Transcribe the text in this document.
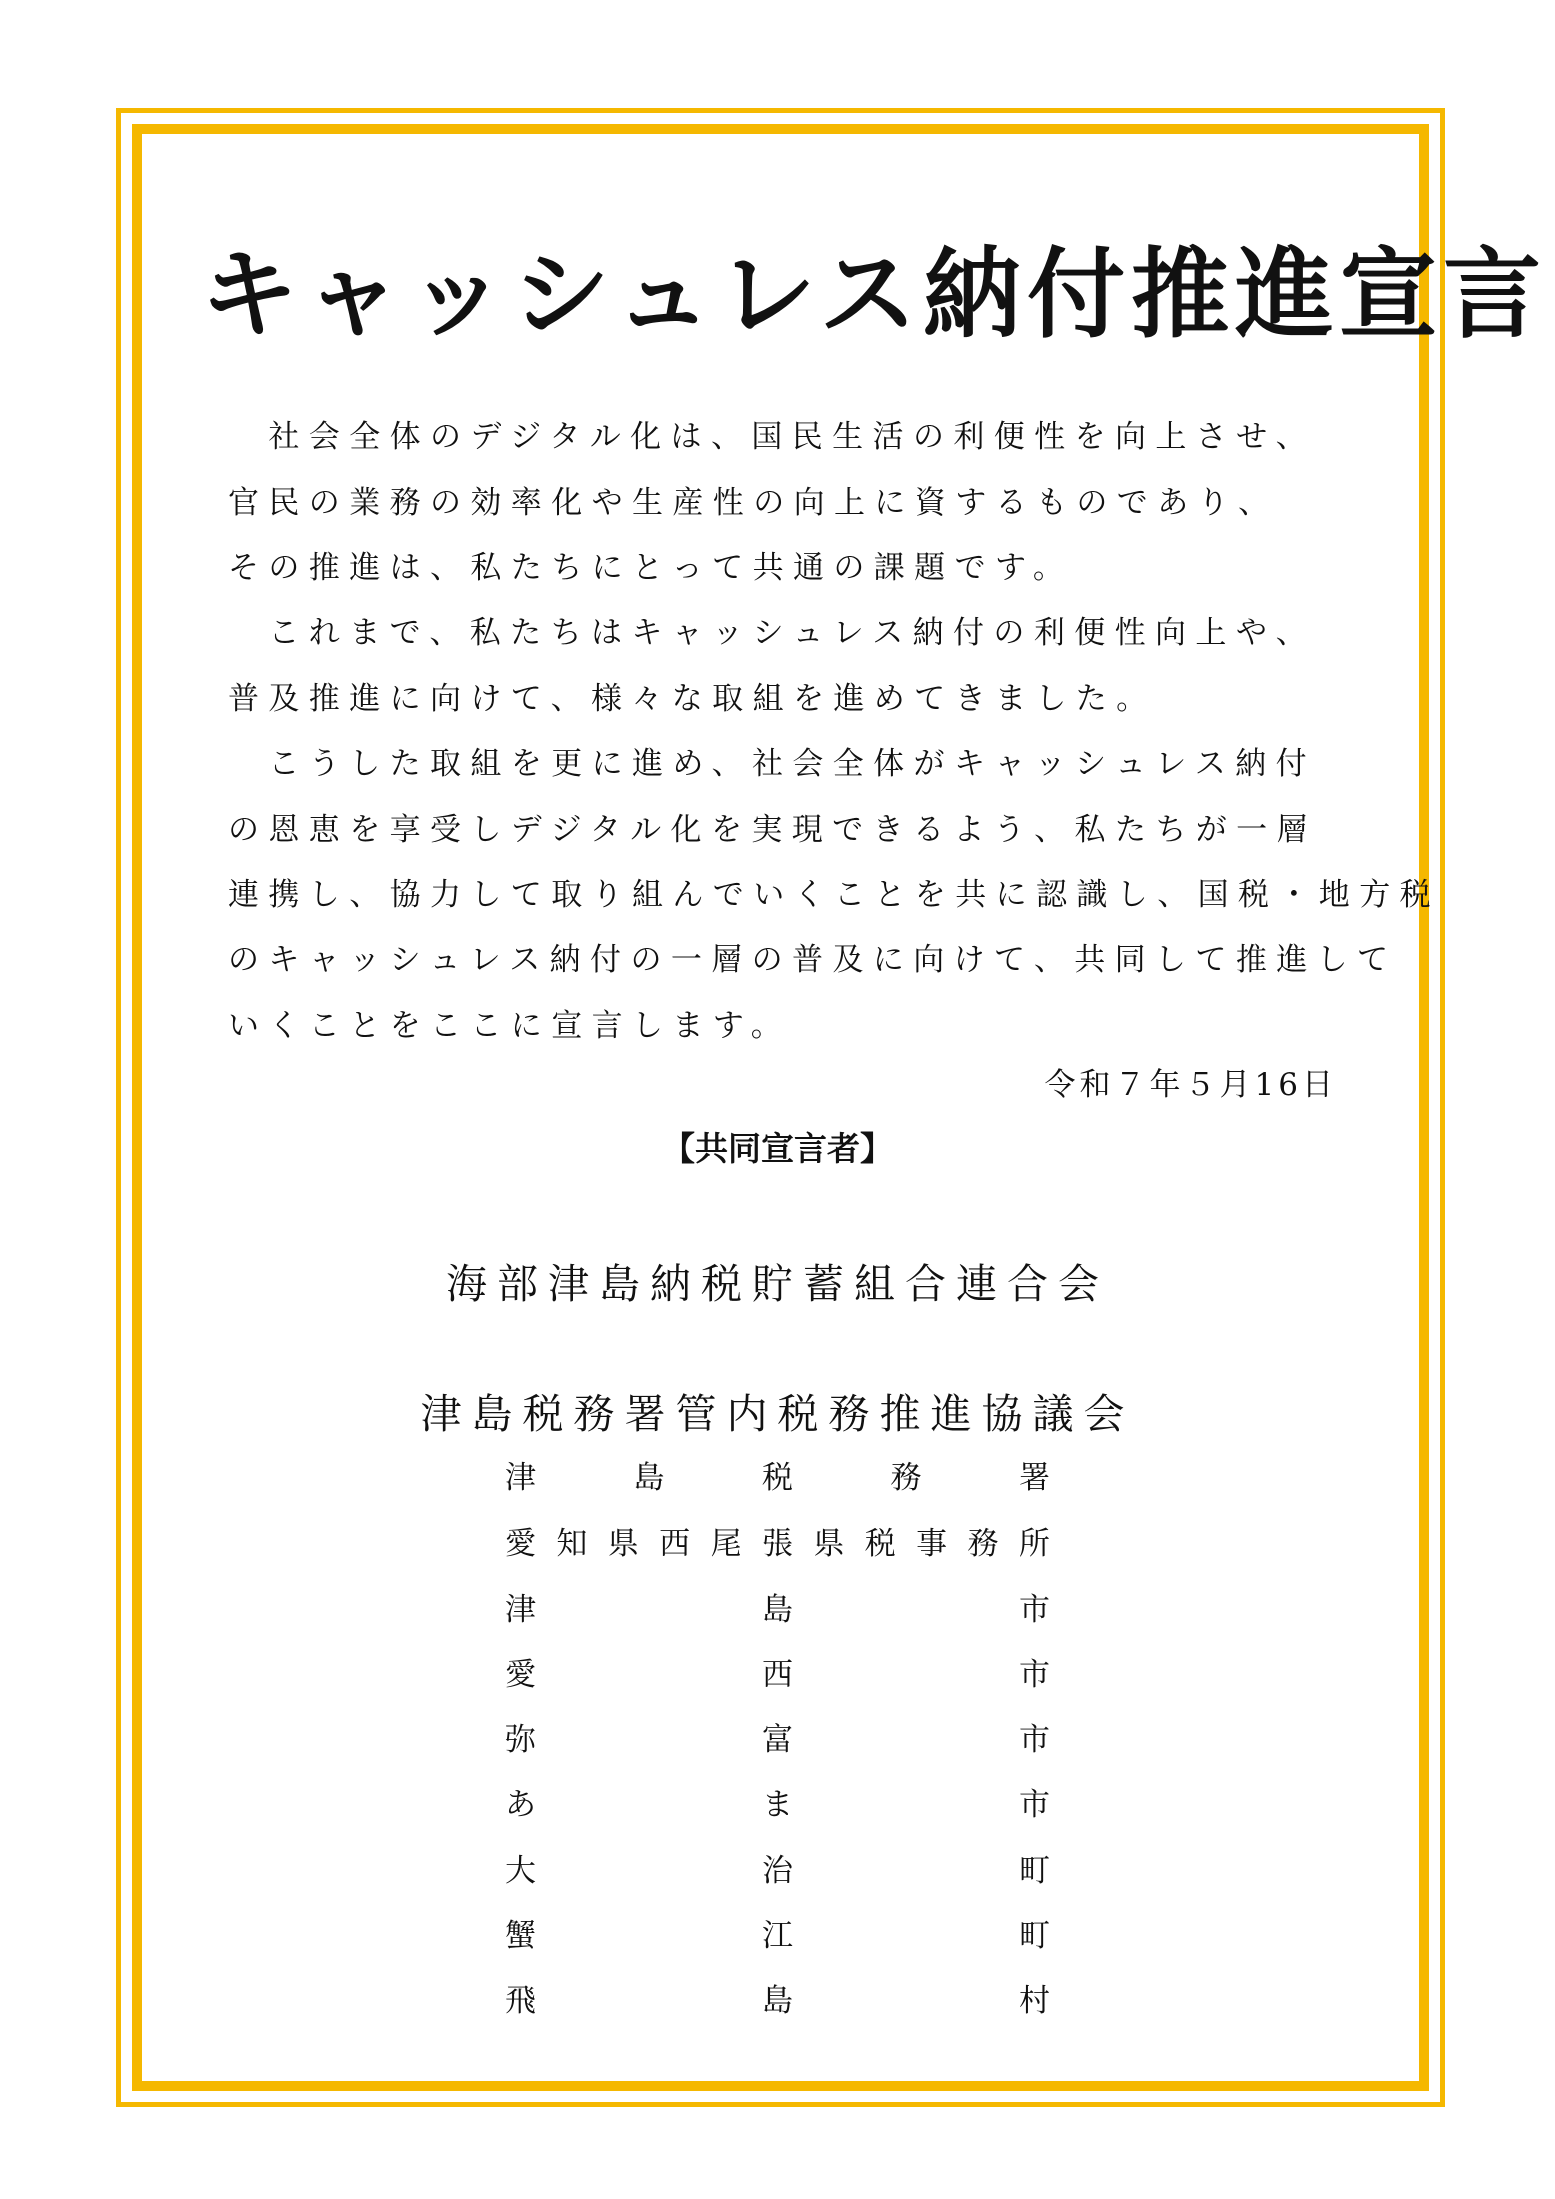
キャッシュレス納付推進宣言

　社会全体のデジタル化は、国民生活の利便性を向上させ、

官民の業務の効率化や生産性の向上に資するものであり、

その推進は、私たちにとって共通の課題です。

　これまで、私たちはキャッシュレス納付の利便性向上や、

普及推進に向けて、様々な取組を進めてきました。

　こうした取組を更に進め、社会全体がキャッシュレス納付

の恩恵を享受しデジタル化を実現できるよう、私たちが一層

連携し、協力して取り組んでいくことを共に認識し、国税・地方税

のキャッシュレス納付の一層の普及に向けて、共同して推進して

いくことをここに宣言します。

令和７年５月16日
【共同宣言者】
海部津島納税貯蓄組合連合会
津島税務署管内税務推進協議会
津	島	税	務	署
愛 知 県 西 尾 張 県 税 事 務 所
津	島	市
愛	西	市
弥	富	市
あ	ま	市
大	治	町
蟹	江	町
飛	島	村
